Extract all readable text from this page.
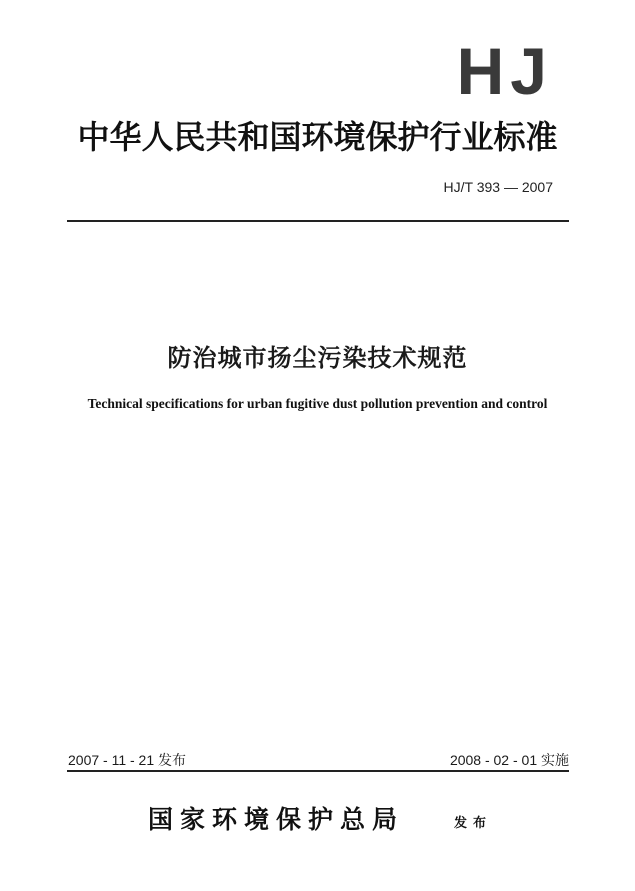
HJ
中华人民共和国环境保护行业标准
HJ/T 393 — 2007
防治城市扬尘污染技术规范
Technical specifications for urban fugitive dust pollution prevention and control
2007 - 11 - 21 发布	2008 - 02 - 01 实施
国家环境保护总局	发布
